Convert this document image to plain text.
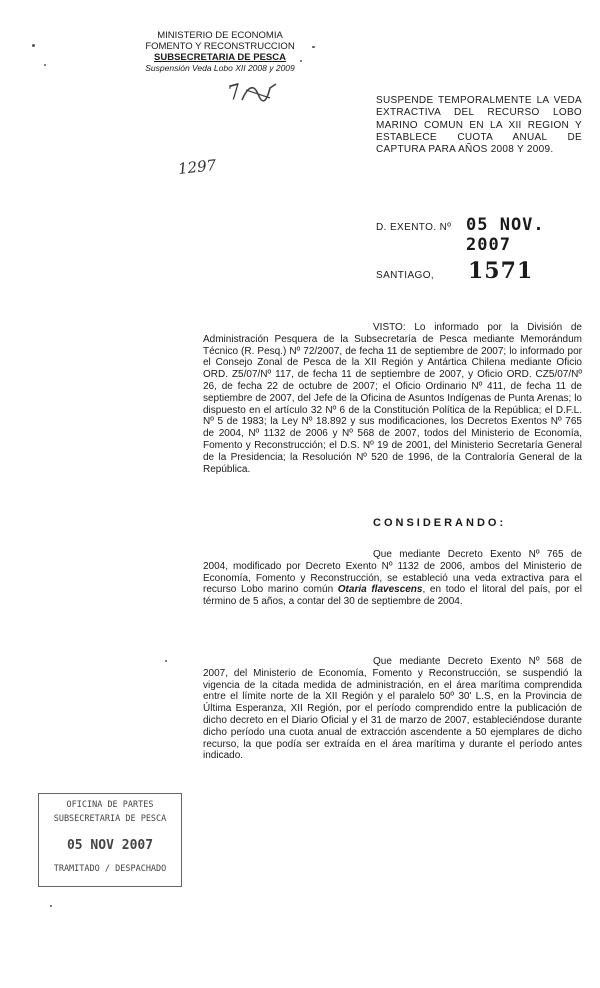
MINISTERIO DE ECONOMIA
FOMENTO Y RECONSTRUCCION
SUBSECRETARIA DE PESCA
Suspensión Veda Lobo XII 2008 y 2009
7
1297
SUSPENDE TEMPORALMENTE LA VEDA EXTRACTIVA DEL RECURSO LOBO MARINO COMUN EN LA XII REGION Y ESTABLECE CUOTA ANUAL DE CAPTURA PARA AÑOS 2008 Y 2009.
D. EXENTO. Nº 05 NOV. 2007
SANTIAGO, 1571
VISTO: Lo informado por la División de Administración Pesquera de la Subsecretaría de Pesca mediante Memorándum Técnico (R. Pesq.) Nº 72/2007, de fecha 11 de septiembre de 2007; lo informado por el Consejo Zonal de Pesca de la XII Región y Antártica Chilena mediante Oficio ORD. Z5/07/Nº 117, de fecha 11 de septiembre de 2007, y Oficio ORD. CZ5/07/Nº 26, de fecha 22 de octubre de 2007; el Oficio Ordinario Nº 411, de fecha 11 de septiembre de 2007, del Jefe de la Oficina de Asuntos Indígenas de Punta Arenas; lo dispuesto en el artículo 32 Nº 6 de la Constitución Política de la República; el D.F.L. Nº 5 de 1983; la Ley Nº 18.892 y sus modificaciones, los Decretos Exentos Nº 765 de 2004, Nº 1132 de 2006 y Nº 568 de 2007, todos del Ministerio de Economía, Fomento y Reconstrucción; el D.S. Nº 19 de 2001, del Ministerio Secretaría General de la Presidencia; la Resolución Nº 520 de 1996, de la Contraloría General de la República.
CONSIDERANDO:
Que mediante Decreto Exento Nº 765 de 2004, modificado por Decreto Exento Nº 1132 de 2006, ambos del Ministerio de Economía, Fomento y Reconstrucción, se estableció una veda extractiva para el recurso Lobo marino común Otaria flavescens, en todo el litoral del país, por el término de 5 años, a contar del 30 de septiembre de 2004.
Que mediante Decreto Exento Nº 568 de 2007, del Ministerio de Economía, Fomento y Reconstrucción, se suspendió la vigencia de la citada medida de administración, en el área marítima comprendida entre el límite norte de la XII Región y el paralelo 50º 30' L.S, en la Provincia de Última Esperanza, XII Región, por el período comprendido entre la publicación de dicho decreto en el Diario Oficial y el 31 de marzo de 2007, estableciéndose durante dicho período una cuota anual de extracción ascendente a 50 ejemplares de dicho recurso, la que podía ser extraída en el área marítima y durante el período antes indicado.
OFICINA DE PARTES
SUBSECRETARIA DE PESCA
05 NOV 2007
TRAMITADO / DESPACHADO
